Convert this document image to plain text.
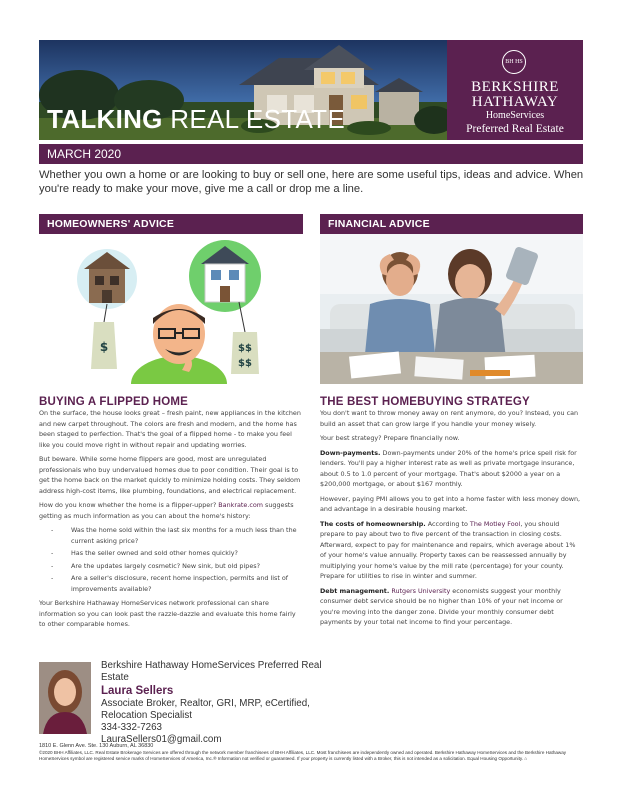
TALKING REAL ESTATE
BH HS
BERKSHIRE
HATHAWAY
HomeServices
Preferred Real Estate
MARCH 2020
Whether you own a home or are looking to buy or sell one, here are some useful tips, ideas and advice. When you're ready to make your move, give me a call or drop me a line.
HOMEOWNERS' ADVICE
$	$$
$$
BUYING A FLIPPED HOME

On the surface, the house looks great – fresh paint, new appliances in the kitchen and new carpet throughout. The colors are fresh and modern, and the home has been staged to perfection. That's the goal of a flipped home - to make you feel like you could move right in without repair and updating worries.

But beware. While some home flippers are good, most are unregulated professionals who buy undervalued homes due to poor condition. Their goal is to get the home back on the market quickly to minimize holding costs. They seldom address high-cost items, like plumbing, foundations, and electrical replacement.

How do you know whether the home is a flipper-upper? Bankrate.com suggests getting as much information as you can about the home's history:

- Was the home sold within the last six months for a much less than the current asking price?
- Has the seller owned and sold other homes quickly?
- Are the updates largely cosmetic? New sink, but old pipes?
- Are a seller's disclosure, recent home inspection, permits and list of improvements available?

Your Berkshire Hathaway HomeServices network professional can share information so you can look past the razzle-dazzle and evaluate this home fairly to other comparable homes.

FINANCIAL ADVICE
THE BEST HOMEBUYING STRATEGY

You don't want to throw money away on rent anymore, do you? Instead, you can build an asset that can grow large if you handle your money wisely.

Your best strategy? Prepare financially now.

Down-payments. Down-payments under 20% of the home's price spell risk for lenders. You'll pay a higher interest rate as well as private mortgage insurance, about 0.5 to 1.0 percent of your mortgage. That's about $2000 a year on a $200,000 mortgage, or about $167 monthly.

However, paying PMI allows you to get into a home faster with less money down, and advantage in a desirable housing market.

The costs of homeownership. According to The Motley Fool, you should prepare to pay about two to five percent of the transaction in closing costs. Afterward, expect to pay for maintenance and repairs, which average about 1% of your home's value annually. Property taxes can be reassessed annually by multiplying your home's value by the mill rate (percentage) for your county. Prepare for utilities to rise in winter and summer.

Debt management. Rutgers University economists suggest your monthly consumer debt service should be no higher than 10% of your net income or you're moving into the danger zone. Divide your monthly consumer debt payments by your total net income to find your percentage.

Berkshire Hathaway HomeServices Preferred Real Estate
Laura Sellers
Associate Broker, Realtor, GRI, MRP, eCertified, Relocation Specialist
334-332-7263
LauraSellers01@gmail.com
1810 E. Glenn Ave. Ste. 130 Auburn, AL 36830
©2020 BHH Affiliates, LLC. Real Estate Brokerage Services are offered through the network member franchisees of BHH Affiliates, LLC. Most franchisees are independently owned and operated. Berkshire Hathaway HomeServices and the Berkshire Hathaway HomeServices symbol are registered service marks of HomeServices of America, Inc.® Information not verified or guaranteed. If your property is currently listed with a Broker, this is not intended as a solicitation. Equal Housing Opportunity. ⌂
